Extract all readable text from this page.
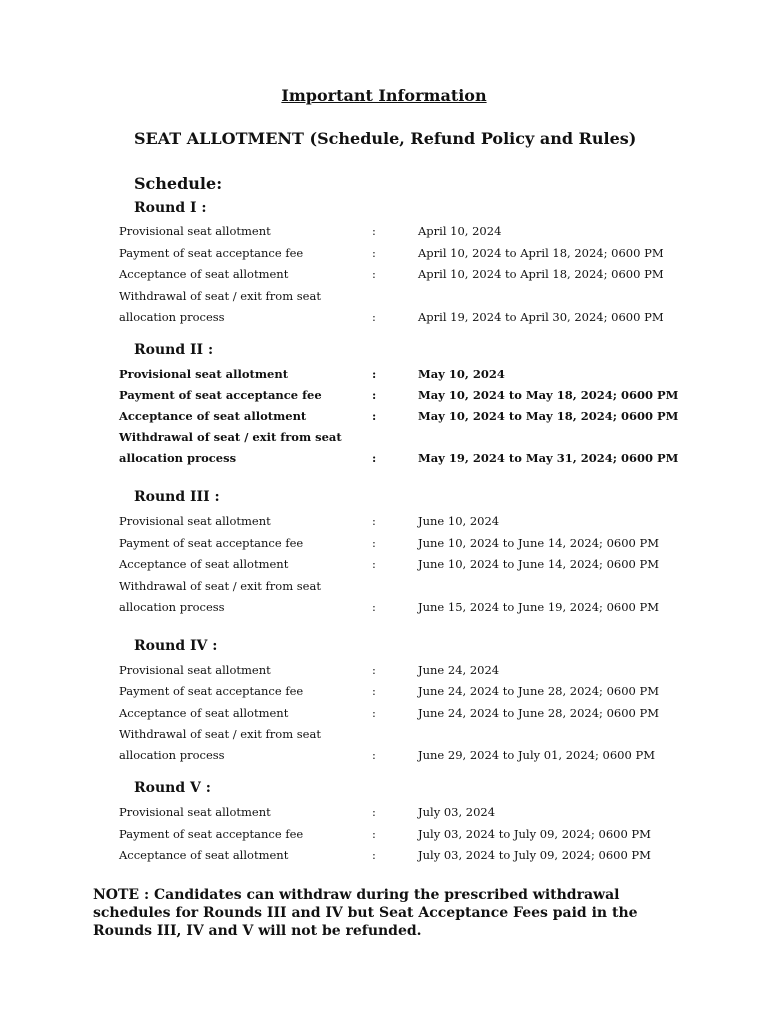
Important Information
SEAT ALLOTMENT (Schedule, Refund Policy and Rules)
Schedule:
Round I :
Provisional seat allotment	:	April 10, 2024
Payment of seat acceptance fee	:	April 10, 2024 to April 18, 2024; 0600 PM
Acceptance of seat allotment	:	April 10, 2024 to April 18, 2024; 0600 PM
Withdrawal of seat / exit from seat
allocation process	:	April 19, 2024 to April 30, 2024; 0600 PM
Round II :
Provisional seat allotment	:	May 10, 2024
Payment of seat acceptance fee	:	May 10, 2024 to May 18, 2024; 0600 PM
Acceptance of seat allotment	:	May 10, 2024 to May 18, 2024; 0600 PM
Withdrawal of seat / exit from seat
allocation process	:	May 19, 2024 to May 31, 2024; 0600 PM
Round III :
Provisional seat allotment	:	June 10, 2024
Payment of seat acceptance fee	:	June 10, 2024 to June 14, 2024; 0600 PM
Acceptance of seat allotment	:	June 10, 2024 to June 14, 2024; 0600 PM
Withdrawal of seat / exit from seat
allocation process	:	June 15, 2024 to June 19, 2024; 0600 PM
Round IV :
Provisional seat allotment	:	June 24, 2024
Payment of seat acceptance fee	:	June 24, 2024 to June 28, 2024; 0600 PM
Acceptance of seat allotment	:	June 24, 2024 to June 28, 2024; 0600 PM
Withdrawal of seat / exit from seat
allocation process	:	June 29, 2024 to July 01, 2024; 0600 PM
Round V :
Provisional seat allotment	:	July 03, 2024
Payment of seat acceptance fee	:	July 03, 2024 to July 09, 2024; 0600 PM
Acceptance of seat allotment	:	July 03, 2024 to July 09, 2024; 0600 PM
NOTE : Candidates can withdraw during the prescribed withdrawal schedules for Rounds III and IV but Seat Acceptance Fees paid in the Rounds III, IV and V will not be refunded.
